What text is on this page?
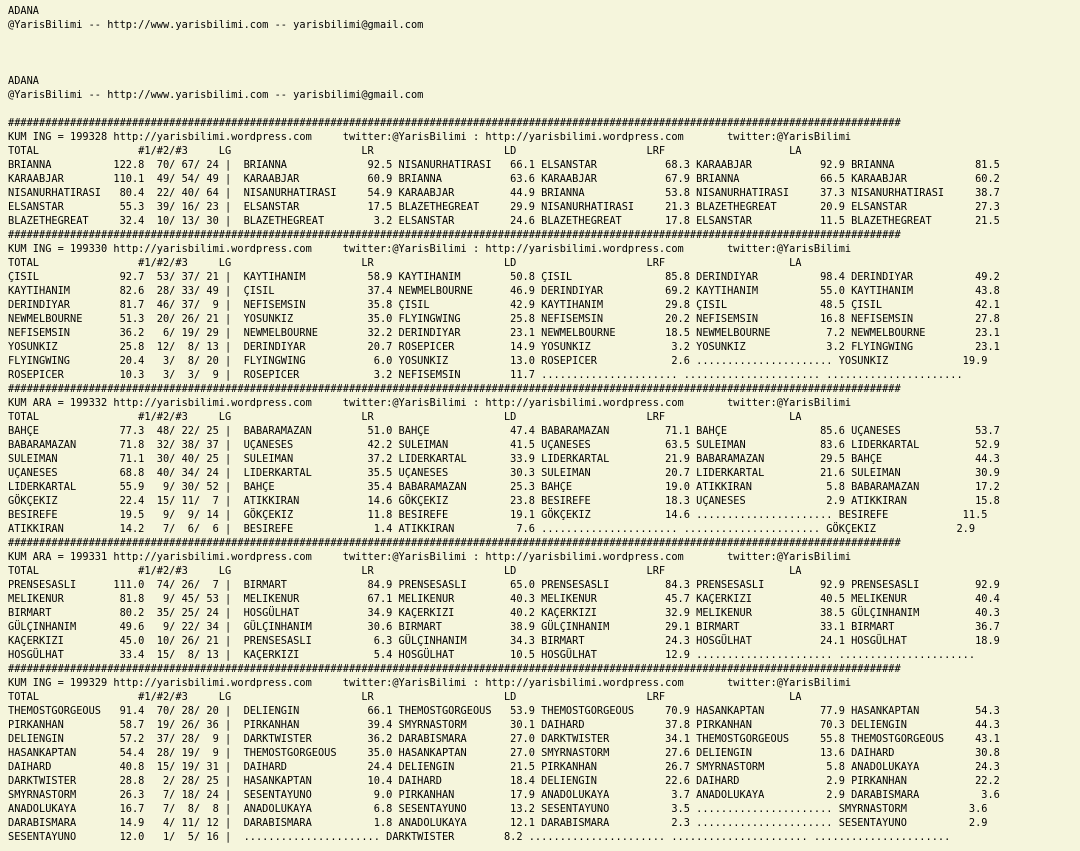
ADANA
@YarisBilimi -- http://www.yarisbilimi.com -- yarisbilimi@gmail.com
ADANA
@YarisBilimi -- http://www.yarisbilimi.com -- yarisbilimi@gmail.com
################################################################################################################################################
KUM ING = 199328 http://yarisbilimi.wordpress.com     twitter:@YarisBilimi : http://yarisbilimi.wordpress.com       twitter:@YarisBilimi
TOTAL                #1/#2/#3     LG                     LR                     LD                     LRF                    LA
BRIANNA          122.8  70/ 67/ 24 |  BRIANNA             92.5 NISANURHATIRASI   66.1 ELSANSTAR           68.3 KARAABJAR           92.9 BRIANNA             81.5
KARAABJAR        110.1  49/ 54/ 49 |  KARAABJAR           60.9 BRIANNA           63.6 KARAABJAR           67.9 BRIANNA             66.5 KARAABJAR           60.2
NISANURHATIRASI   80.4  22/ 40/ 64 |  NISANURHATIRASI     54.9 KARAABJAR         44.9 BRIANNA             53.8 NISANURHATIRASI     37.3 NISANURHATIRASI     38.7
ELSANSTAR         55.3  39/ 16/ 23 |  ELSANSTAR           17.5 BLAZETHEGREAT     29.9 NISANURHATIRASI     21.3 BLAZETHEGREAT       20.9 ELSANSTAR           27.3
BLAZETHEGREAT     32.4  10/ 13/ 30 |  BLAZETHEGREAT        3.2 ELSANSTAR         24.6 BLAZETHEGREAT       17.8 ELSANSTAR           11.5 BLAZETHEGREAT       21.5
################################################################################################################################################
KUM ING = 199330 http://yarisbilimi.wordpress.com     twitter:@YarisBilimi : http://yarisbilimi.wordpress.com       twitter:@YarisBilimi
TOTAL                #1/#2/#3     LG                     LR                     LD                     LRF                    LA
ÇISIL             92.7  53/ 37/ 21 |  KAYTIHANIM          58.9 KAYTIHANIM        50.8 ÇISIL               85.8 DERINDIYAR          98.4 DERINDIYAR          49.2
KAYTIHANIM        82.6  28/ 33/ 49 |  ÇISIL               37.4 NEWMELBOURNE      46.9 DERINDIYAR          69.2 KAYTIHANIM          55.0 KAYTIHANIM          43.8
DERINDIYAR        81.7  46/ 37/  9 |  NEFISEMSIN          35.8 ÇISIL             42.9 KAYTIHANIM          29.8 ÇISIL               48.5 ÇISIL               42.1
NEWMELBOURNE      51.3  20/ 26/ 21 |  YOSUNKIZ            35.0 FLYINGWING        25.8 NEFISEMSIN          20.2 NEFISEMSIN          16.8 NEFISEMSIN          27.8
NEFISEMSIN        36.2   6/ 19/ 29 |  NEWMELBOURNE        32.2 DERINDIYAR        23.1 NEWMELBOURNE        18.5 NEWMELBOURNE         7.2 NEWMELBOURNE        23.1
YOSUNKIZ          25.8  12/  8/ 13 |  DERINDIYAR          20.7 ROSEPICER         14.9 YOSUNKIZ             3.2 YOSUNKIZ             3.2 FLYINGWING          23.1
FLYINGWING        20.4   3/  8/ 20 |  FLYINGWING           6.0 YOSUNKIZ          13.0 ROSEPICER            2.6 ...................... YOSUNKIZ            19.9
ROSEPICER         10.3   3/  3/  9 |  ROSEPICER            3.2 NEFISEMSIN        11.7 ...................... ...................... ......................
################################################################################################################################################
KUM ARA = 199332 http://yarisbilimi.wordpress.com     twitter:@YarisBilimi : http://yarisbilimi.wordpress.com       twitter:@YarisBilimi
TOTAL                #1/#2/#3     LG                     LR                     LD                     LRF                    LA
BAHÇE             77.3  48/ 22/ 25 |  BABARAMAZAN         51.0 BAHÇE             47.4 BABARAMAZAN         71.1 BAHÇE               85.6 UÇANESES            53.7
BABARAMAZAN       71.8  32/ 38/ 37 |  UÇANESES            42.2 SULEIMAN          41.5 UÇANESES            63.5 SULEIMAN            83.6 LIDERKARTAL         52.9
SULEIMAN          71.1  30/ 40/ 25 |  SULEIMAN            37.2 LIDERKARTAL       33.9 LIDERKARTAL         21.9 BABARAMAZAN         29.5 BAHÇE               44.3
UÇANESES          68.8  40/ 34/ 24 |  LIDERKARTAL         35.5 UÇANESES          30.3 SULEIMAN            20.7 LIDERKARTAL         21.6 SULEIMAN            30.9
LIDERKARTAL       55.9   9/ 30/ 52 |  BAHÇE               35.4 BABARAMAZAN       25.3 BAHÇE               19.0 ATIKKIRAN            5.8 BABARAMAZAN         17.2
GÖKÇEKIZ          22.4  15/ 11/  7 |  ATIKKIRAN           14.6 GÖKÇEKIZ          23.8 BESIREFE            18.3 UÇANESES             2.9 ATIKKIRAN           15.8
BESIREFE          19.5   9/  9/ 14 |  GÖKÇEKIZ            11.8 BESIREFE          19.1 GÖKÇEKIZ            14.6 ...................... BESIREFE            11.5
ATIKKIRAN         14.2   7/  6/  6 |  BESIREFE             1.4 ATIKKIRAN          7.6 ...................... ...................... GÖKÇEKIZ             2.9
################################################################################################################################################
KUM ARA = 199331 http://yarisbilimi.wordpress.com     twitter:@YarisBilimi : http://yarisbilimi.wordpress.com       twitter:@YarisBilimi
TOTAL                #1/#2/#3     LG                     LR                     LD                     LRF                    LA
PRENSESASLI      111.0  74/ 26/  7 |  BIRMART             84.9 PRENSESASLI       65.0 PRENSESASLI         84.3 PRENSESASLI         92.9 PRENSESASLI         92.9
MELIKENUR         81.8   9/ 45/ 53 |  MELIKENUR           67.1 MELIKENUR         40.3 MELIKENUR           45.7 KAÇERKIZI           40.5 MELIKENUR           40.4
BIRMART           80.2  35/ 25/ 24 |  HOSGÜLHAT           34.9 KAÇERKIZI         40.2 KAÇERKIZI           32.9 MELIKENUR           38.5 GÜLÇINHANIM         40.3
GÜLÇINHANIM       49.6   9/ 22/ 34 |  GÜLÇINHANIM         30.6 BIRMART           38.9 GÜLÇINHANIM         29.1 BIRMART             33.1 BIRMART             36.7
KAÇERKIZI         45.0  10/ 26/ 21 |  PRENSESASLI          6.3 GÜLÇINHANIM       34.3 BIRMART             24.3 HOSGÜLHAT           24.1 HOSGÜLHAT           18.9
HOSGÜLHAT         33.4  15/  8/ 13 |  KAÇERKIZI            5.4 HOSGÜLHAT         10.5 HOSGÜLHAT           12.9 ...................... ......................
################################################################################################################################################
KUM ING = 199329 http://yarisbilimi.wordpress.com     twitter:@YarisBilimi : http://yarisbilimi.wordpress.com       twitter:@YarisBilimi
TOTAL                #1/#2/#3     LG                     LR                     LD                     LRF                    LA
THEMOSTGORGEOUS   91.4  70/ 28/ 20 |  DELIENGIN           66.1 THEMOSTGORGEOUS   53.9 THEMOSTGORGEOUS     70.9 HASANKAPTAN         77.9 HASANKAPTAN         54.3
PIRKANHAN         58.7  19/ 26/ 36 |  PIRKANHAN           39.4 SMYRNASTORM       30.1 DAIHARD             37.8 PIRKANHAN           70.3 DELIENGIN           44.3
DELIENGIN         57.2  37/ 28/  9 |  DARKTWISTER         36.2 DARABISMARA       27.0 DARKTWISTER         34.1 THEMOSTGORGEOUS     55.8 THEMOSTGORGEOUS     43.1
HASANKAPTAN       54.4  28/ 19/  9 |  THEMOSTGORGEOUS     35.0 HASANKAPTAN       27.0 SMYRNASTORM         27.6 DELIENGIN           13.6 DAIHARD             30.8
DAIHARD           40.8  15/ 19/ 31 |  DAIHARD             24.4 DELIENGIN         21.5 PIRKANHAN           26.7 SMYRNASTORM          5.8 ANADOLUKAYA         24.3
DARKTWISTER       28.8   2/ 28/ 25 |  HASANKAPTAN         10.4 DAIHARD           18.4 DELIENGIN           22.6 DAIHARD              2.9 PIRKANHAN           22.2
SMYRNASTORM       26.3   7/ 18/ 24 |  SESENTAYUNO          9.0 PIRKANHAN         17.9 ANADOLUKAYA          3.7 ANADOLUKAYA          2.9 DARABISMARA          3.6
ANADOLUKAYA       16.7   7/  8/  8 |  ANADOLUKAYA          6.8 SESENTAYUNO       13.2 SESENTAYUNO          3.5 ...................... SMYRNASTORM          3.6
DARABISMARA       14.9   4/ 11/ 12 |  DARABISMARA          1.8 ANADOLUKAYA       12.1 DARABISMARA          2.3 ...................... SESENTAYUNO          2.9
SESENTAYUNO       12.0   1/  5/ 16 |  ...................... DARKTWISTER        8.2 ...................... ...................... ......................
